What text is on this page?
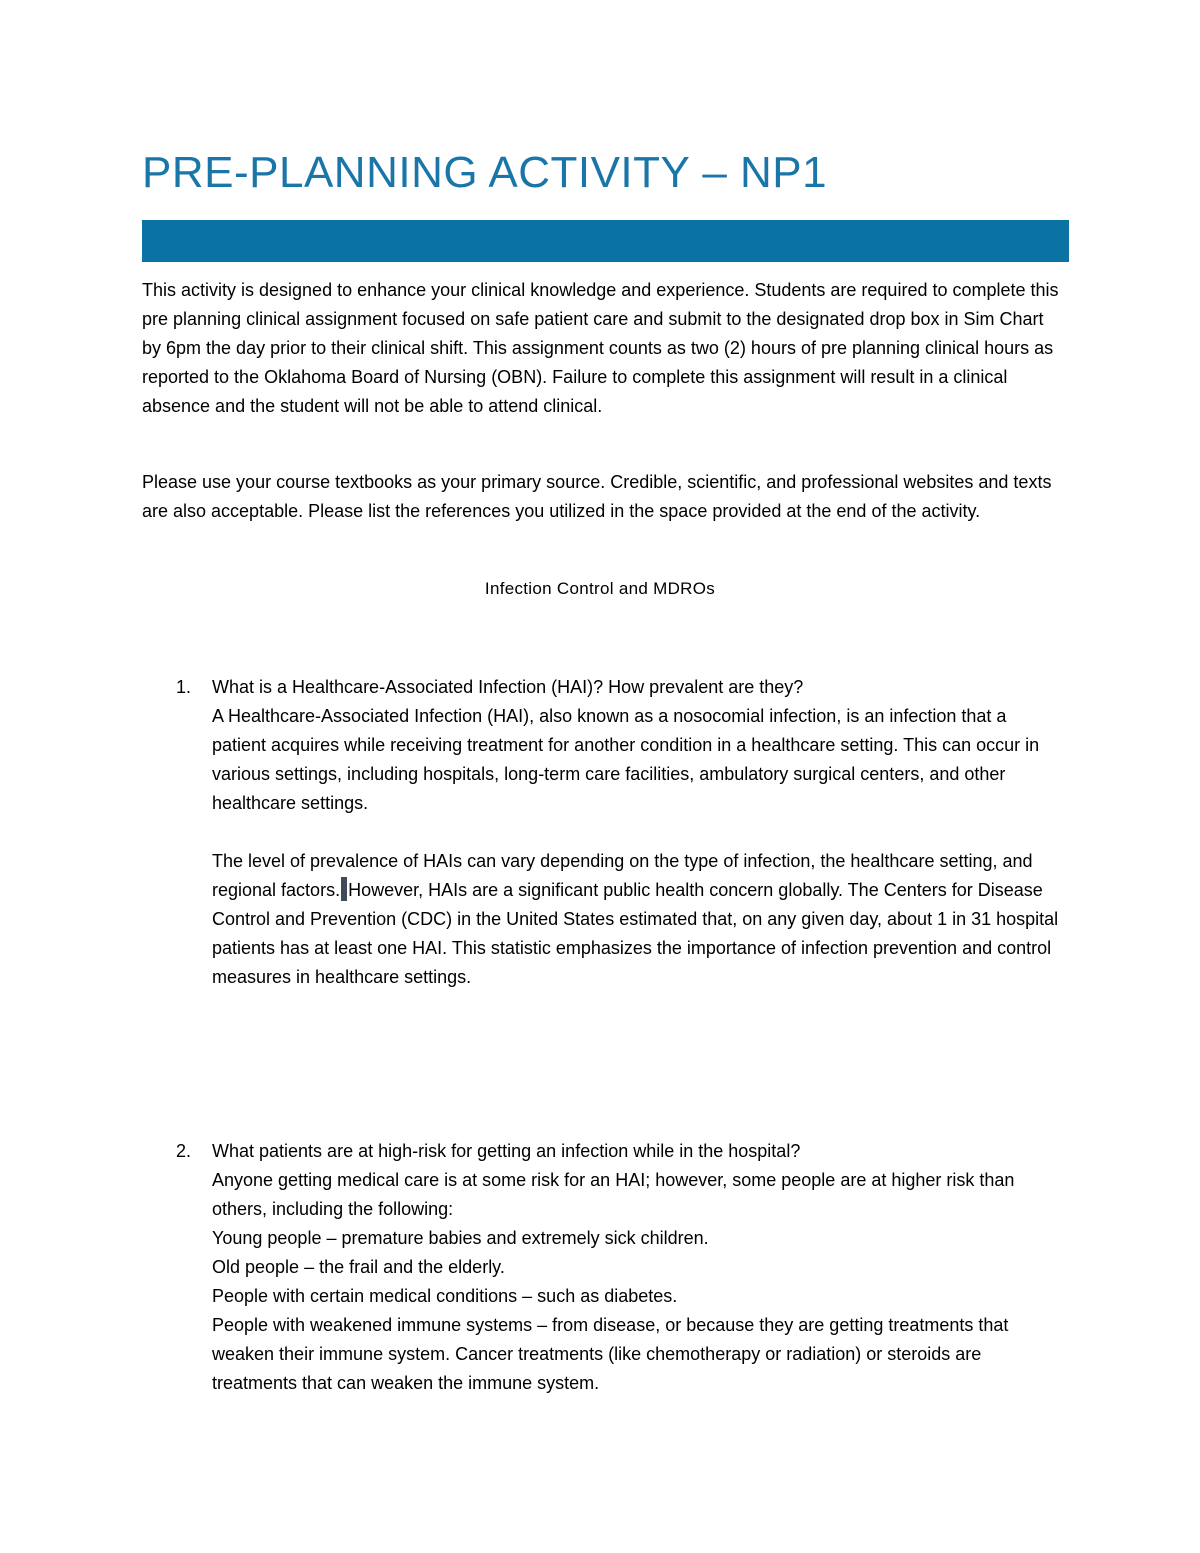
PRE-PLANNING ACTIVITY – NP1

This activity is designed to enhance your clinical knowledge and experience. Students are required to complete this pre planning clinical assignment focused on safe patient care and submit to the designated drop box in Sim Chart by 6pm the day prior to their clinical shift. This assignment counts as two (2) hours of pre planning clinical hours as reported to the Oklahoma Board of Nursing (OBN). Failure to complete this assignment will result in a clinical absence and the student will not be able to attend clinical.

Please use your course textbooks as your primary source. Credible, scientific, and professional websites and texts are also acceptable. Please list the references you utilized in the space provided at the end of the activity.

Infection Control and MDROs
1. What is a Healthcare-Associated Infection (HAI)? How prevalent are they?

A Healthcare-Associated Infection (HAI), also known as a nosocomial infection, is an infection that a patient acquires while receiving treatment for another condition in a healthcare setting. This can occur in various settings, including hospitals, long-term care facilities, ambulatory surgical centers, and other healthcare settings.

The level of prevalence of HAIs can vary depending on the type of infection, the healthcare setting, and regional factors. However, HAIs are a significant public health concern globally. The Centers for Disease Control and Prevention (CDC) in the United States estimated that, on any given day, about 1 in 31 hospital patients has at least one HAI. This statistic emphasizes the importance of infection prevention and control measures in healthcare settings.

2. What patients are at high-risk for getting an infection while in the hospital?

Anyone getting medical care is at some risk for an HAI; however, some people are at higher risk than others, including the following:

Young people – premature babies and extremely sick children.

Old people – the frail and the elderly.

People with certain medical conditions – such as diabetes.

People with weakened immune systems – from disease, or because they are getting treatments that weaken their immune system. Cancer treatments (like chemotherapy or radiation) or steroids are treatments that can weaken the immune system.
